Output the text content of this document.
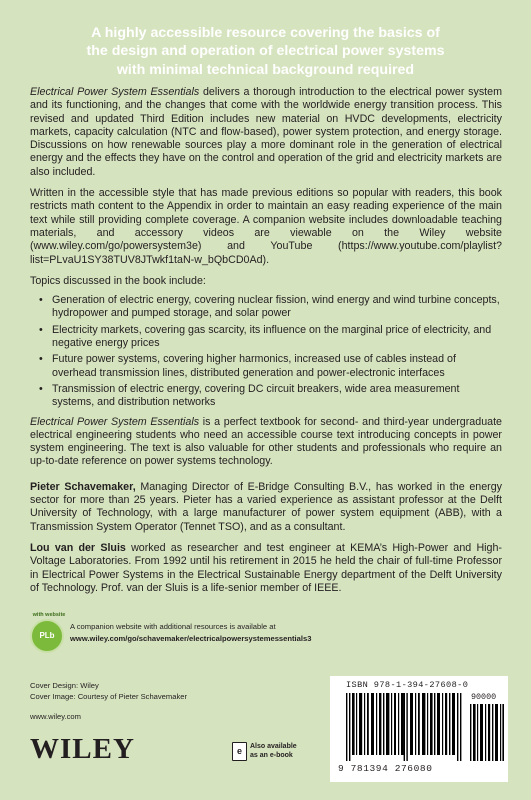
A highly accessible resource covering the basics of
the design and operation of electrical power systems
with minimal technical background required

Electrical Power System Essentials delivers a thorough introduction to the electrical power system and its functioning, and the changes that come with the worldwide energy transition process. This revised and updated Third Edition includes new material on HVDC developments, electricity markets, capacity calculation (NTC and flow-based), power system protection, and energy storage. Discussions on how renewable sources play a more dominant role in the generation of electrical energy and the effects they have on the control and operation of the grid and electricity markets are also included.

Written in the accessible style that has made previous editions so popular with readers, this book restricts math content to the Appendix in order to maintain an easy reading experience of the main text while still providing complete coverage. A companion website includes downloadable teaching materials, and accessory videos are viewable on the Wiley website (www.wiley.com/go/powersystem3e) and YouTube (https://www.youtube.com/playlist?list=PLvaU1SY38TUV8JTwkf1taN-w_bQbCD0Ad).

Topics discussed in the book include:

• Generation of electric energy, covering nuclear fission, wind energy and wind turbine concepts, hydropower and pumped storage, and solar power
• Electricity markets, covering gas scarcity, its influence on the marginal price of electricity, and negative energy prices
• Future power systems, covering higher harmonics, increased use of cables instead of overhead transmission lines, distributed generation and power-electronic interfaces
• Transmission of electric energy, covering DC circuit breakers, wide area measurement systems, and distribution networks

Electrical Power System Essentials is a perfect textbook for second- and third-year undergraduate electrical engineering students who need an accessible course text introducing concepts in power system engineering. The text is also valuable for other students and professionals who require an up-to-date reference on power systems technology.

Pieter Schavemaker, Managing Director of E-Bridge Consulting B.V., has worked in the energy sector for more than 25 years. Pieter has a varied experience as assistant professor at the Delft University of Technology, with a large manufacturer of power system equipment (ABB), with a Transmission System Operator (Tennet TSO), and as a consultant.

Lou van der Sluis worked as researcher and test engineer at KEMA’s High-Power and High-Voltage Laboratories. From 1992 until his retirement in 2015 he held the chair of full-time Professor in Electrical Power Systems in the Electrical Sustainable Energy department of the Delft University of Technology. Prof. van der Sluis is a life-senior member of IEEE.

with website
PLb
A companion website with additional resources is available at
www.wiley.com/go/schavemaker/electricalpowersystemessentials3
Cover Design: Wiley
Cover Image: Courtesy of Pieter Schavemaker
www.wiley.com
WILEY	e	Also available
as an e-book
ISBN 978-1-394-27608-0
90000
9 781394 276080
